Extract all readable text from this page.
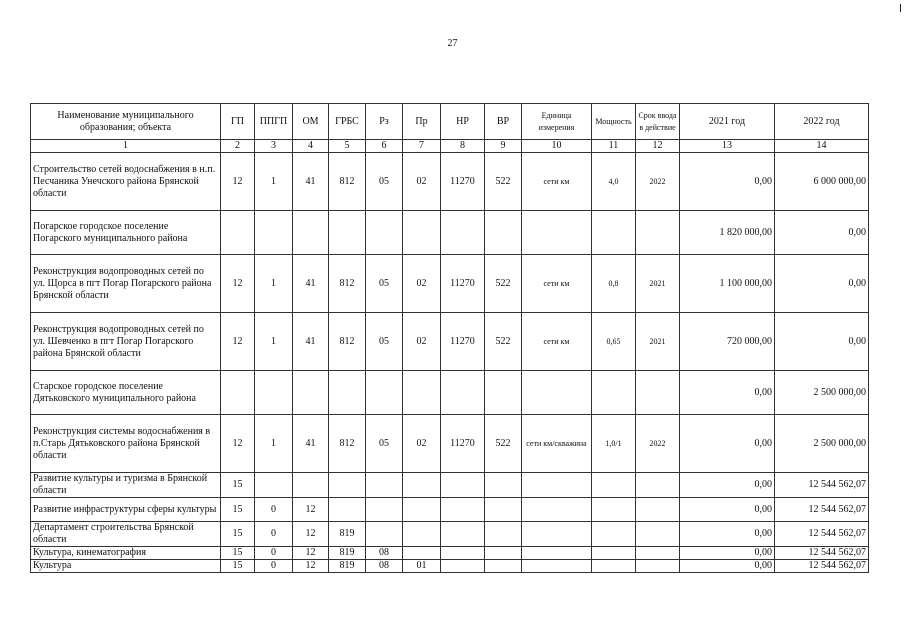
27
Наименование муниципального образования; объекта	ГП	ППГП	ОМ	ГРБС	Рз	Пр	НР	ВР	Единица измерения	Мощность	Срок ввода в действие	2021 год	2022 год
1	2	3	4	5	6	7	8	9	10	11	12	13	14
Строительство сетей водоснабжения в н.п. Песчаника Унечского района Брянской области	12	1	41	812	05	02	11270	522	сети км	4,0	2022	0,00	6 000 000,00
Погарское городское поселение Погарского муниципального района												1 820 000,00	0,00
Реконструкция водопроводных сетей по ул. Щорса в пгт Погар Погарского района Брянской области	12	1	41	812	05	02	11270	522	сети км	0,8	2021	1 100 000,00	0,00
Реконструкция водопроводных сетей по ул. Шевченко в пгт Погар Погарского района Брянской области	12	1	41	812	05	02	11270	522	сети км	0,65	2021	720 000,00	0,00
Старское городское поселение Дятьковского муниципального района												0,00	2 500 000,00
Реконструкция системы водоснабжения в п.Старь Дятьковского района Брянской области	12	1	41	812	05	02	11270	522	сети км/скважина	1,0/1	2022	0,00	2 500 000,00
Развитие культуры и туризма в Брянской области	15											0,00	12 544 562,07
Развитие инфраструктуры сферы культуры	15	0	12									0,00	12 544 562,07
Департамент строительства Брянской области	15	0	12	819								0,00	12 544 562,07
Культура, кинематография	15	0	12	819	08							0,00	12 544 562,07
Культура	15	0	12	819	08	01						0,00	12 544 562,07
